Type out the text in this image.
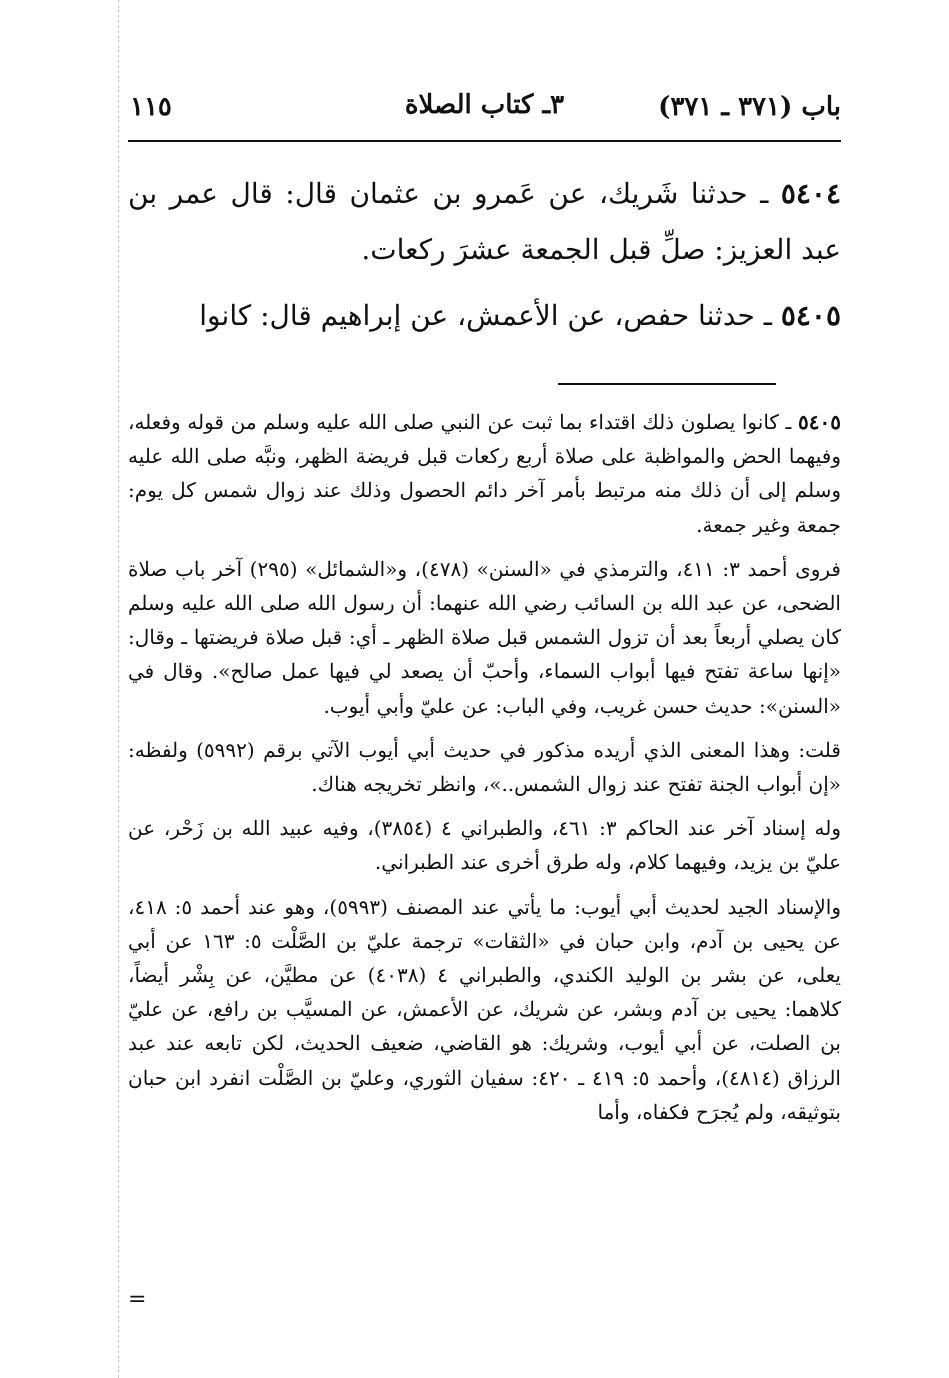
باب (٣٧١ ـ ٣٧١)
٣ـ كتاب الصلاة
١١٥

٥٤٠٤ ـ حدثنا شَريك، عن عَمرو بن عثمان قال: قال عمر بن عبد العزيز: صلِّ قبل الجمعة عشرَ ركعات.

٥٤٠٥ ـ حدثنا حفص، عن الأعمش، عن إبراهيم قال: كانوا

٥٤٠٥ ـ كانوا يصلون ذلك اقتداء بما ثبت عن النبي صلى الله عليه وسلم من قوله وفعله، وفيهما الحض والمواظبة على صلاة أربع ركعات قبل فريضة الظهر، ونبَّه صلى الله عليه وسلم إلى أن ذلك منه مرتبط بأمر آخر دائم الحصول وذلك عند زوال شمس كل يوم: جمعة وغير جمعة.

فروى أحمد ٣: ٤١١، والترمذي في «السنن» (٤٧٨)، و«الشمائل» (٢٩٥) آخر باب صلاة الضحى، عن عبد الله بن السائب رضي الله عنهما: أن رسول الله صلى الله عليه وسلم كان يصلي أربعاً بعد أن تزول الشمس قبل صلاة الظهر ـ أي: قبل صلاة فريضتها ـ وقال: «إنها ساعة تفتح فيها أبواب السماء، وأحبّ أن يصعد لي فيها عمل صالح». وقال في «السنن»: حديث حسن غريب، وفي الباب: عن عليّ وأبي أيوب.

قلت: وهذا المعنى الذي أريده مذكور في حديث أبي أيوب الآتي برقم (٥٩٩٢) ولفظه: «إن أبواب الجنة تفتح عند زوال الشمس..»، وانظر تخريجه هناك.

وله إسناد آخر عند الحاكم ٣: ٤٦١، والطبراني ٤ (٣٨٥٤)، وفيه عبيد الله بن زَحْر، عن عليّ بن يزيد، وفيهما كلام، وله طرق أخرى عند الطبراني.

والإسناد الجيد لحديث أبي أيوب: ما يأتي عند المصنف (٥٩٩٣)، وهو عند أحمد ٥: ٤١٨، عن يحيى بن آدم، وابن حبان في «الثقات» ترجمة عليّ بن الصَّلْت ٥: ١٦٣ عن أبي يعلى، عن بشر بن الوليد الكندي، والطبراني ٤ (٤٠٣٨) عن مطيَّن، عن بِشْر أيضاً، كلاهما: يحيى بن آدم وبشر، عن شريك، عن الأعمش، عن المسيَّب بن رافع، عن عليّ بن الصلت، عن أبي أيوب، وشريك: هو القاضي، ضعيف الحديث، لكن تابعه عند عبد الرزاق (٤٨١٤)، وأحمد ٥: ٤١٩ ـ ٤٢٠: سفيان الثوري، وعليّ بن الصَّلْت انفرد ابن حبان بتوثيقه، ولم يُجرَح فكفاه، وأما

=
